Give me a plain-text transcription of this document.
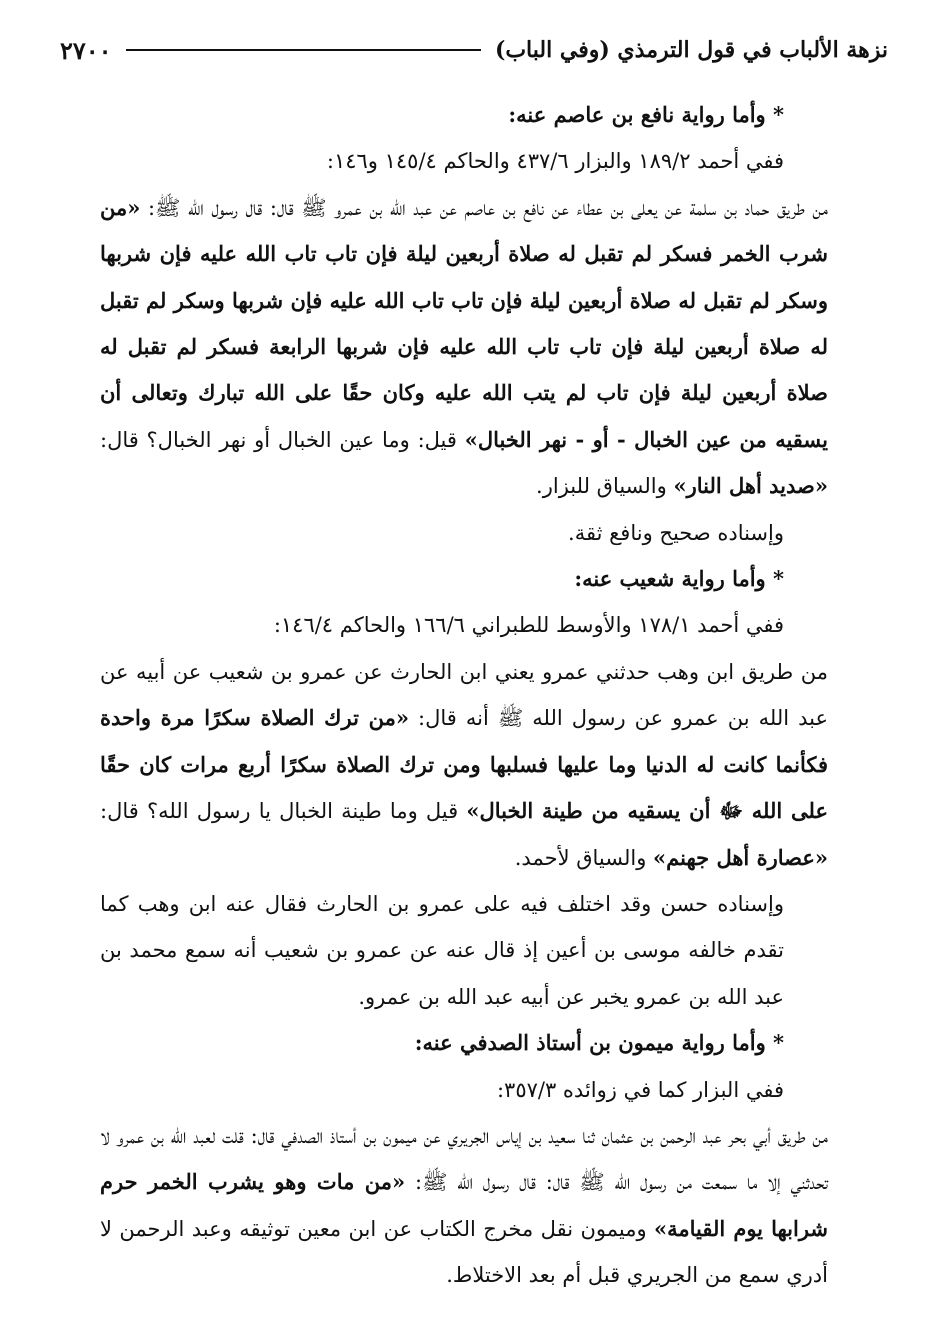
٢٧٠٠	نزهة الألباب في قول الترمذي (وفي الباب)

* وأما رواية نافع بن عاصم عنه:

ففي أحمد ١٨٩/٢ والبزار ٤٣٧/٦ والحاكم ١٤٥/٤ و١٤٦:

من طريق حماد بن سلمة عن يعلى بن عطاء عن نافع بن عاصم عن عبد الله بن عمرو ﷺ قال: قال رسول الله ﷺ: «من شرب الخمر فسكر لم تقبل له صلاة أربعين ليلة فإن تاب تاب الله عليه فإن شربها وسكر لم تقبل له صلاة أربعين ليلة فإن تاب تاب الله عليه فإن شربها وسكر لم تقبل له صلاة أربعين ليلة فإن تاب تاب الله عليه فإن شربها الرابعة فسكر لم تقبل له صلاة أربعين ليلة فإن تاب لم يتب الله عليه وكان حقًا على الله تبارك وتعالى أن يسقيه من عين الخبال - أو - نهر الخبال» قيل: وما عين الخبال أو نهر الخبال؟ قال: «صديد أهل النار» والسياق للبزار.

وإسناده صحيح ونافع ثقة.

* وأما رواية شعيب عنه:

ففي أحمد ١٧٨/١ والأوسط للطبراني ١٦٦/٦ والحاكم ١٤٦/٤:

من طريق ابن وهب حدثني عمرو يعني ابن الحارث عن عمرو بن شعيب عن أبيه عن عبد الله بن عمرو عن رسول الله ﷺ أنه قال: «من ترك الصلاة سكرًا مرة واحدة فكأنما كانت له الدنيا وما عليها فسلبها ومن ترك الصلاة سكرًا أربع مرات كان حقًا على الله ﷻ أن يسقيه من طينة الخبال» قيل وما طينة الخبال يا رسول الله؟ قال: «عصارة أهل جهنم» والسياق لأحمد.

وإسناده حسن وقد اختلف فيه على عمرو بن الحارث فقال عنه ابن وهب كما تقدم خالفه موسى بن أعين إذ قال عنه عن عمرو بن شعيب أنه سمع محمد بن عبد الله بن عمرو يخبر عن أبيه عبد الله بن عمرو.

* وأما رواية ميمون بن أستاذ الصدفي عنه:

ففي البزار كما في زوائده ٣٥٧/٣:

من طريق أبي بحر عبد الرحمن بن عثمان ثنا سعيد بن إياس الجريري عن ميمون بن أستاذ الصدفي قال: قلت لعبد الله بن عمرو لا تحدثني إلا ما سمعت من رسول الله ﷺ قال: قال رسول الله ﷺ: «من مات وهو يشرب الخمر حرم شرابها يوم القيامة» وميمون نقل مخرج الكتاب عن ابن معين توثيقه وعبد الرحمن لا أدري سمع من الجريري قبل أم بعد الاختلاط.
